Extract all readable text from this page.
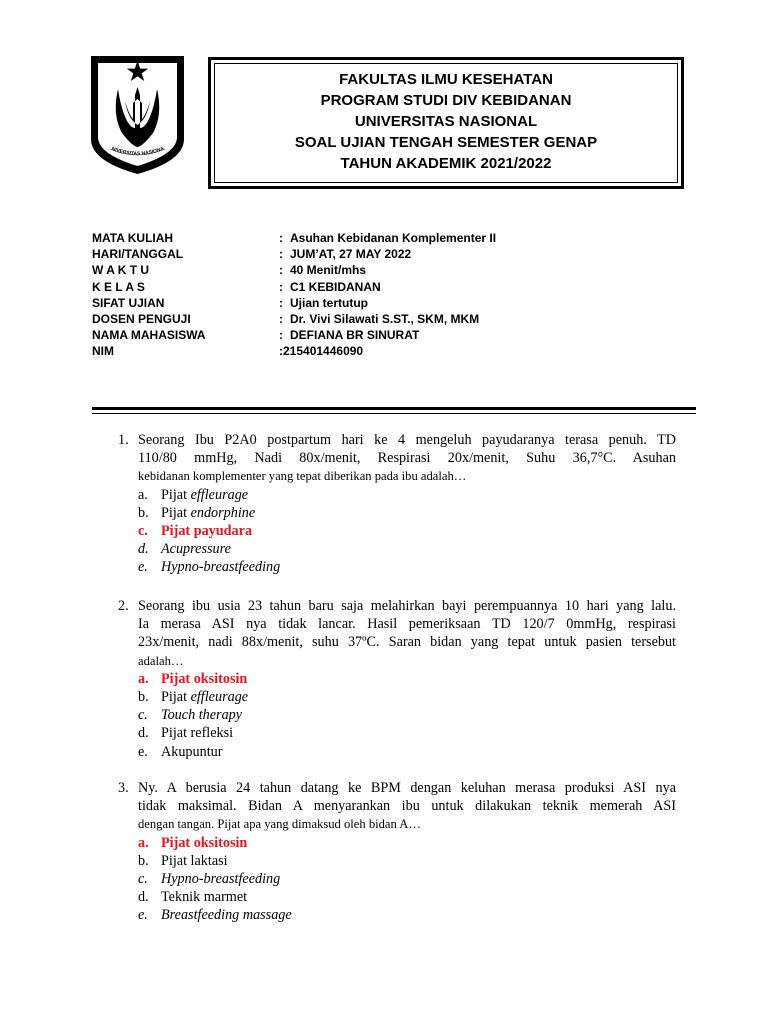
NIVERSITAS NASIONA
FAKULTAS ILMU KESEHATAN
PROGRAM STUDI DIV KEBIDANAN
UNIVERSITAS NASIONAL
SOAL UJIAN TENGAH SEMESTER GENAP
TAHUN AKADEMIK 2021/2022
MATA KULIAH	: Asuhan Kebidanan Komplementer II
HARI/TANGGAL	: JUM’AT, 27 MAY 2022
W A K T U	: 40 Menit/mhs
K E L A S	: C1 KEBIDANAN
SIFAT UJIAN	: Ujian tertutup
DOSEN PENGUJI	: Dr. Vivi Silawati S.ST., SKM, MKM
NAMA MAHASISWA	: DEFIANA BR SINURAT
NIM	: 215401446090
1. Seorang Ibu P2A0 postpartum hari ke 4 mengeluh payudaranya terasa penuh. TD
110/80 mmHg, Nadi 80x/menit, Respirasi 20x/menit, Suhu 36,7°C. Asuhan
kebidanan komplementer yang tepat diberikan pada ibu adalah…
a. Pijat effleurage
b. Pijat endorphine
c. Pijat payudara
d. Acupressure
e. Hypno-breastfeeding
2. Seorang ibu usia 23 tahun baru saja melahirkan bayi perempuannya 10 hari yang lalu.
Ia merasa ASI nya tidak lancar. Hasil pemeriksaan TD 120/7 0mmHg, respirasi
23x/menit, nadi 88x/menit, suhu 37ºC. Saran bidan yang tepat untuk pasien tersebut
adalah…
a. Pijat oksitosin
b. Pijat effleurage
c. Touch therapy
d. Pijat refleksi
e. Akupuntur
3. Ny. A berusia 24 tahun datang ke BPM dengan keluhan merasa produksi ASI nya
tidak maksimal. Bidan A menyarankan ibu untuk dilakukan teknik memerah ASI
dengan tangan. Pijat apa yang dimaksud oleh bidan A…
a. Pijat oksitosin
b. Pijat laktasi
c. Hypno-breastfeeding
d. Teknik marmet
e. Breastfeeding massage
